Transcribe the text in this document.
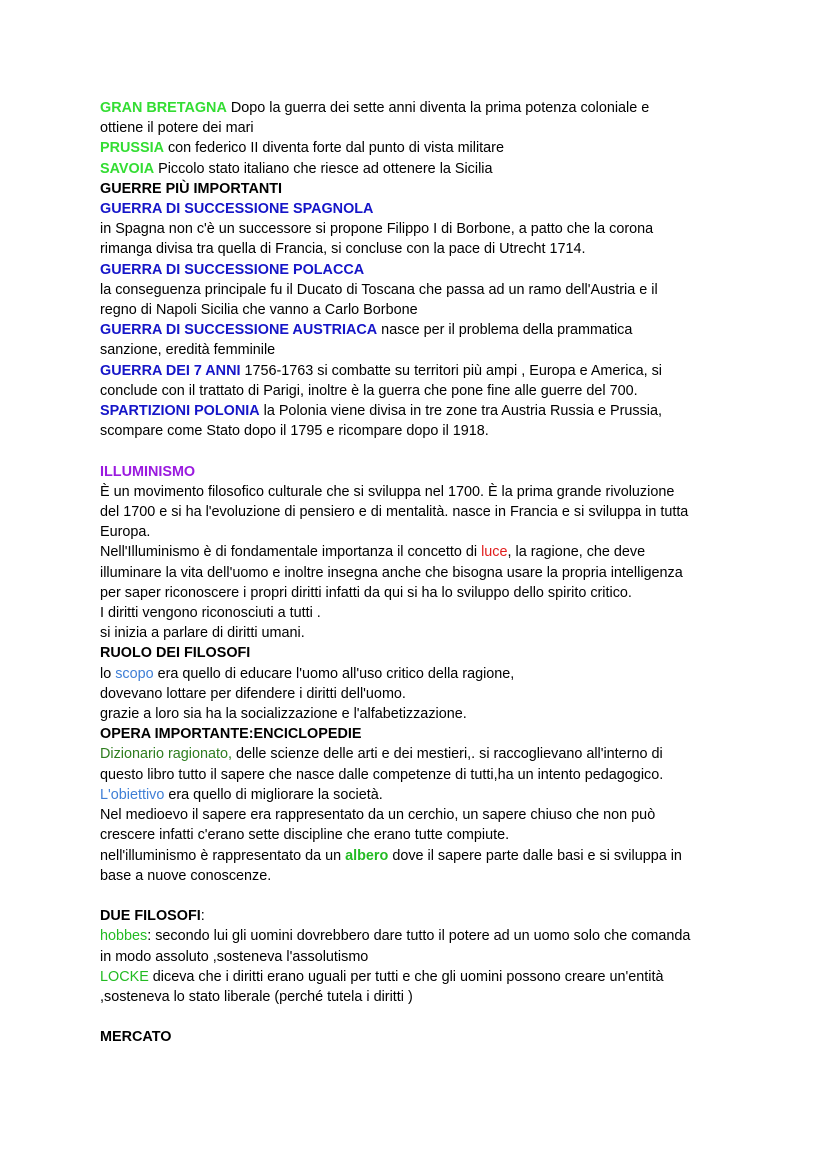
GRAN BRETAGNA Dopo la guerra dei sette anni diventa la prima potenza coloniale e

ottiene il potere dei mari

PRUSSIA con federico II diventa forte dal punto di vista militare

SAVOIA Piccolo stato italiano che riesce ad ottenere la Sicilia

GUERRE PIÙ IMPORTANTI

GUERRA DI SUCCESSIONE SPAGNOLA

in Spagna non c'è un successore si propone Filippo I di Borbone, a patto che la corona

rimanga divisa tra quella di Francia, si concluse con la pace di Utrecht 1714.

GUERRA DI SUCCESSIONE POLACCA

la conseguenza principale fu il Ducato di Toscana che passa ad un ramo dell'Austria e il

regno di Napoli Sicilia che vanno a Carlo Borbone

GUERRA DI SUCCESSIONE AUSTRIACA nasce per il problema della prammatica

sanzione, eredità femminile

GUERRA DEI 7 ANNI 1756-1763 si combatte su territori più ampi , Europa e America, si

conclude con il trattato di Parigi, inoltre è la guerra che pone fine alle guerre del 700.

SPARTIZIONI POLONIA la Polonia viene divisa in tre zone tra Austria Russia e Prussia,

scompare come Stato dopo il 1795 e ricompare dopo il 1918.

ILLUMINISMO

È un movimento filosofico culturale che si sviluppa nel 1700. È la prima grande rivoluzione

del 1700 e si ha l'evoluzione di pensiero e di mentalità. nasce in Francia e si sviluppa in tutta

Europa.

Nell'Illuminismo è di fondamentale importanza il concetto di luce, la ragione, che deve

illuminare la vita dell'uomo e inoltre insegna anche che bisogna usare la propria intelligenza

per saper riconoscere i propri diritti infatti da qui si ha lo sviluppo dello spirito critico.

I diritti vengono riconosciuti a tutti .

si inizia a parlare di diritti umani.

RUOLO DEI FILOSOFI

lo scopo era quello di educare l'uomo all'uso critico della ragione,

dovevano lottare per difendere i diritti dell'uomo.

grazie a loro sia ha la socializzazione e l'alfabetizzazione.

OPERA IMPORTANTE:ENCICLOPEDIE

Dizionario ragionato, delle scienze delle arti e dei mestieri,. si raccoglievano all'interno di

questo libro tutto il sapere che nasce dalle competenze di tutti,ha un intento pedagogico.

L'obiettivo era quello di migliorare la società.

Nel medioevo il sapere era rappresentato da un cerchio, un sapere chiuso che non può

crescere infatti c'erano sette discipline che erano tutte compiute.

nell'illuminismo è rappresentato da un albero dove il sapere parte dalle basi e si sviluppa in

base a nuove conoscenze.

DUE FILOSOFI:

hobbes: secondo lui gli uomini dovrebbero dare tutto il potere ad un uomo solo che comanda

in modo assoluto ,sosteneva l'assolutismo

LOCKE diceva che i diritti erano uguali per tutti e che gli uomini possono creare un'entità

,sosteneva lo stato liberale (perché tutela i diritti )

MERCATO
